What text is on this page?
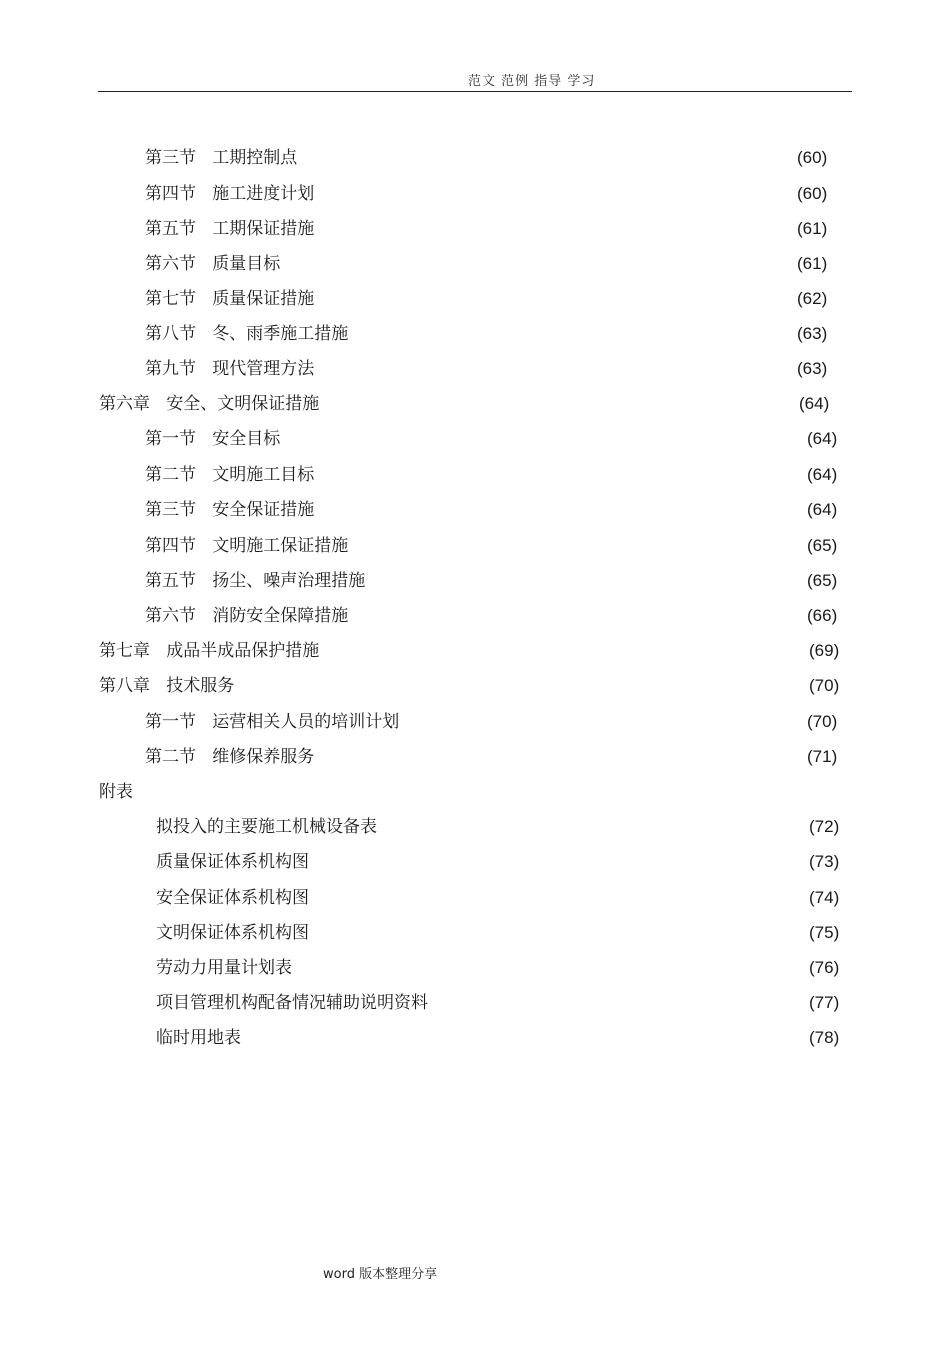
范文 范例 指导 学习
第三节   工期控制点	(60)
第四节   施工进度计划	(60)
第五节   工期保证措施	(61)
第六节   质量目标	(61)
第七节   质量保证措施	(62)
第八节   冬、雨季施工措施	(63)
第九节   现代管理方法	(63)
第六章   安全、文明保证措施	(64)
第一节   安全目标	(64)
第二节   文明施工目标	(64)
第三节   安全保证措施	(64)
第四节   文明施工保证措施	(65)
第五节   扬尘、噪声治理措施	(65)
第六节   消防安全保障措施	(66)
第七章   成品半成品保护措施	(69)
第八章   技术服务	(70)
第一节   运营相关人员的培训计划	(70)
第二节   维修保养服务	(71)
附表
拟投入的主要施工机械设备表	(72)
质量保证体系机构图	(73)
安全保证体系机构图	(74)
文明保证体系机构图	(75)
劳动力用量计划表	(76)
项目管理机构配备情况辅助说明资料	(77)
临时用地表	(78)
word 版本整理分享
